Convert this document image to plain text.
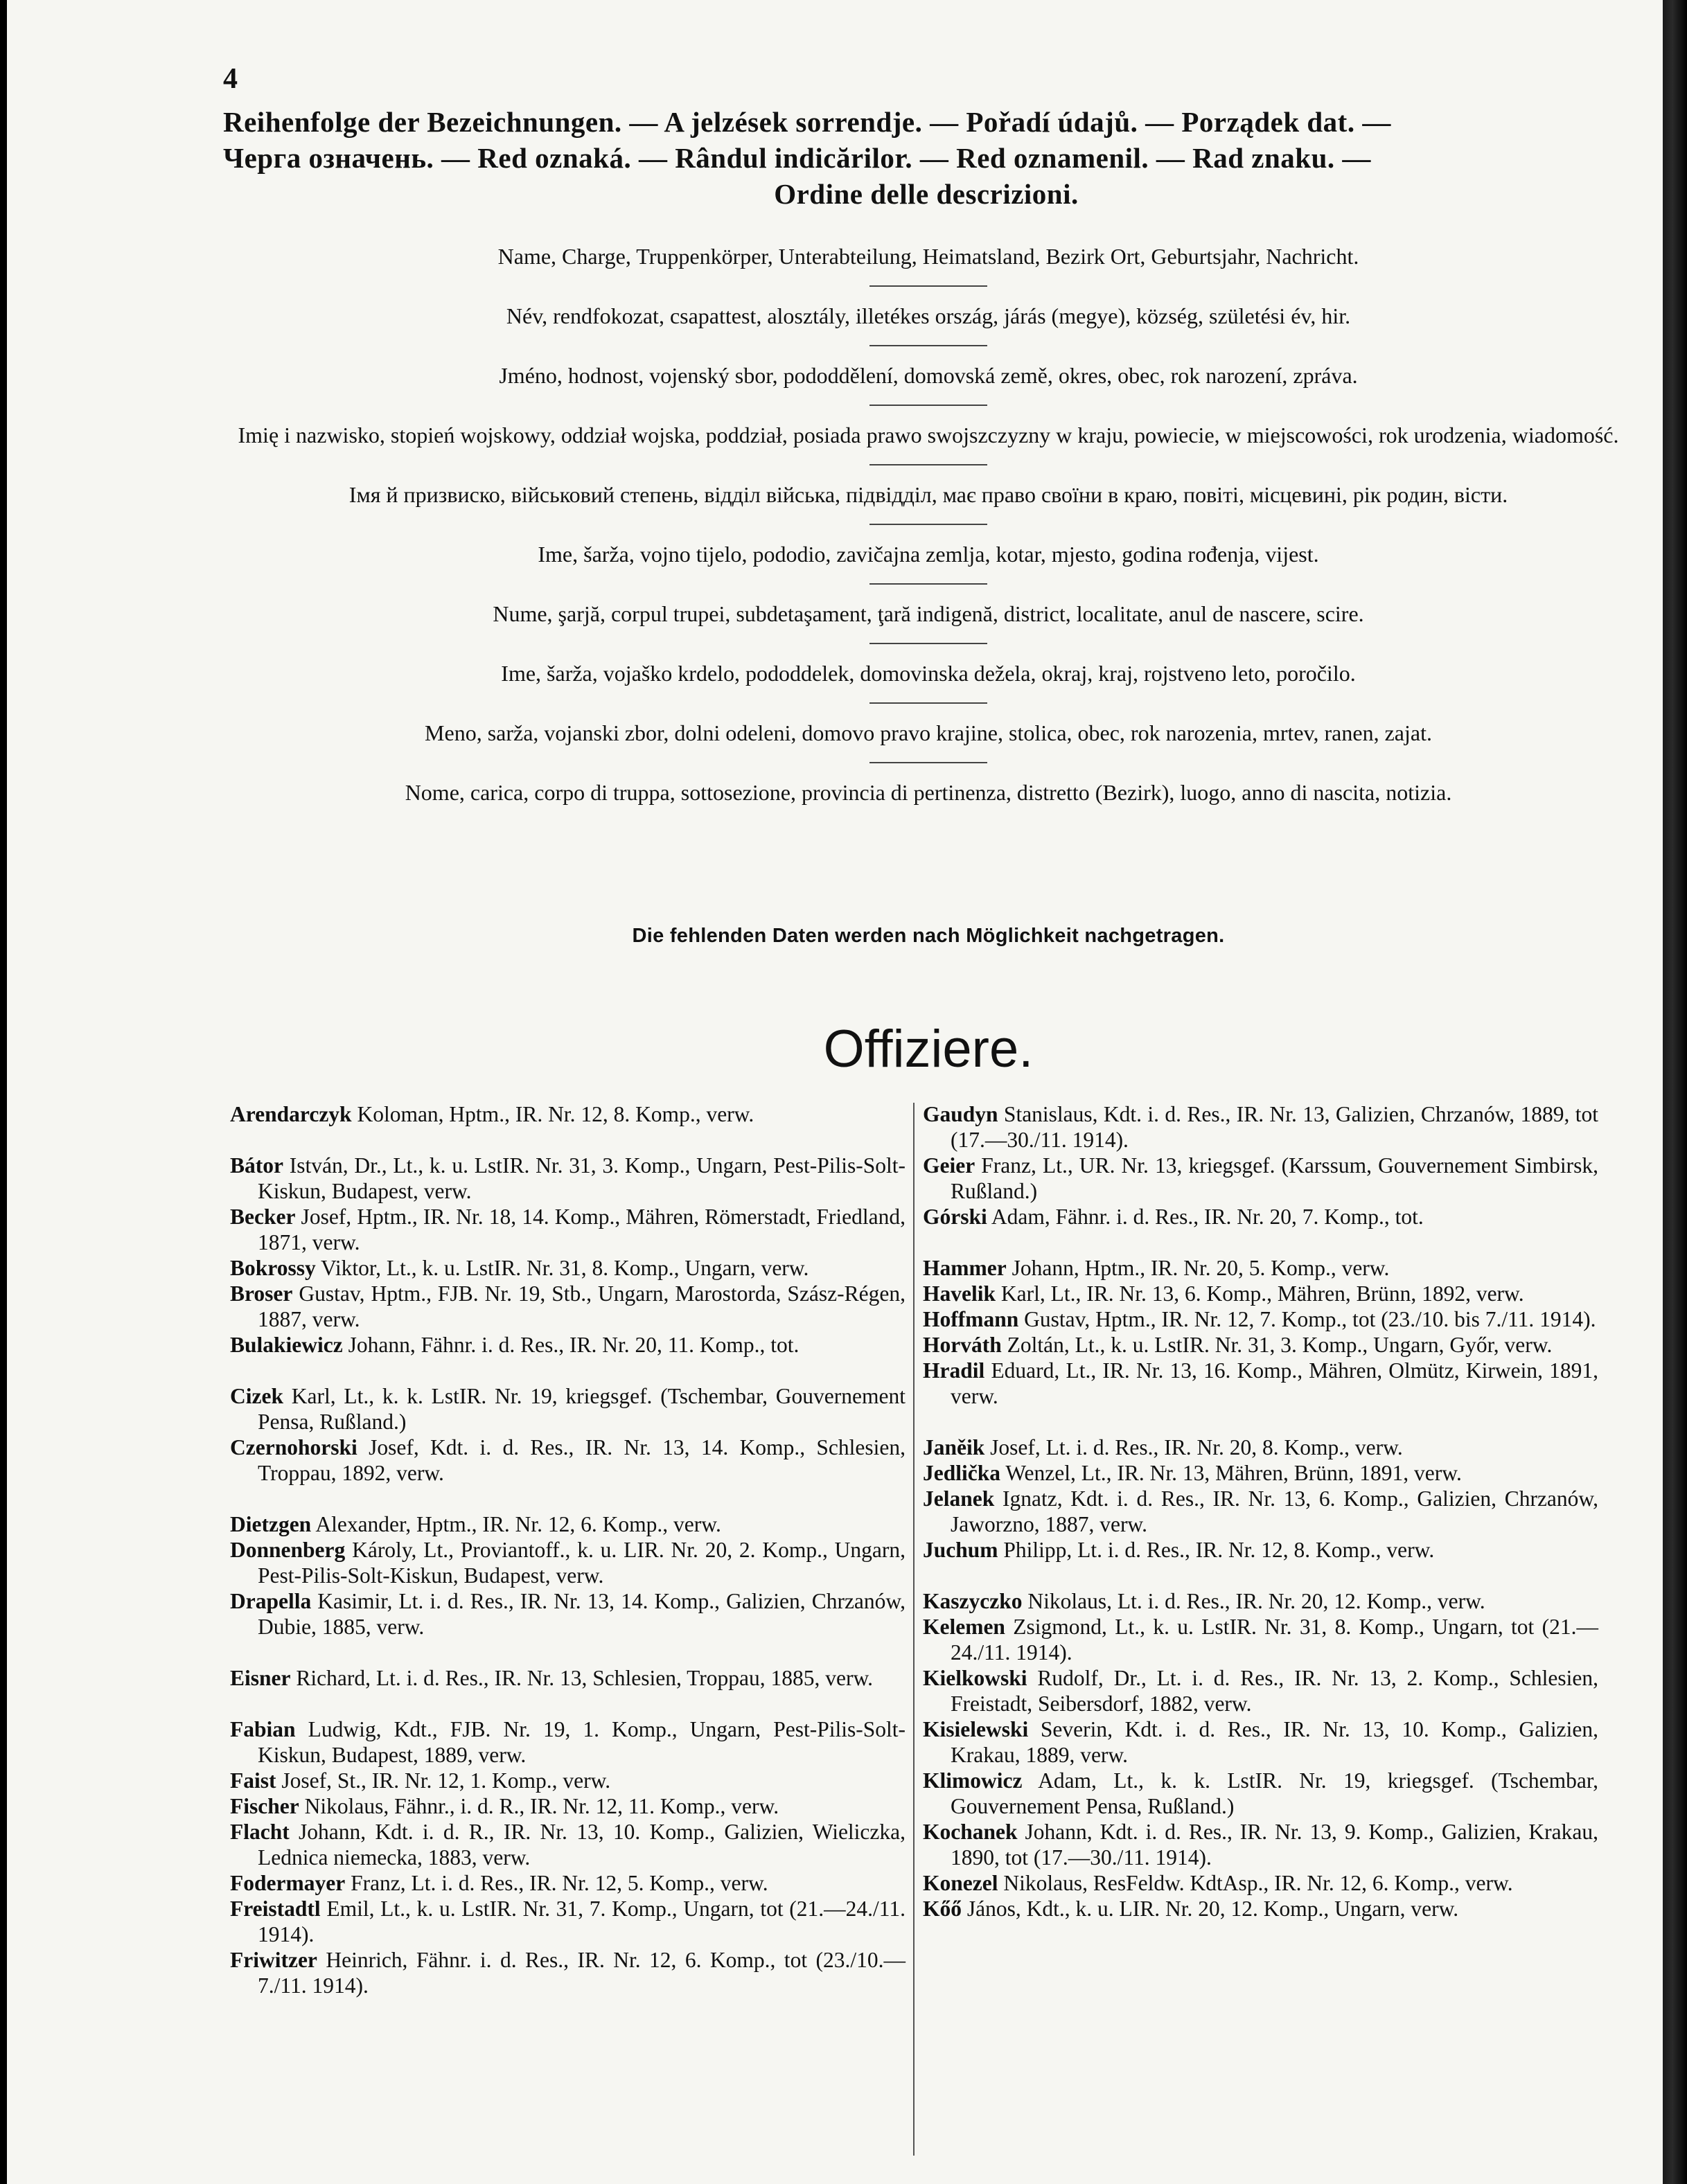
4
Reihenfolge der Bezeichnungen. — A jelzések sorrendje. — Pořadí údajů. — Porządek dat. —
Черга означень. — Red oznaká. — Rândul indicărilor. — Red oznamenil. — Rad znaku. —
Ordine delle descrizioni.

Name, Charge, Truppenkörper, Unterabteilung, Heimatsland, Bezirk Ort, Geburtsjahr, Nachricht.

Név, rendfokozat, csapattest, alosztály, illetékes ország, járás (megye), község, születési év, hir.

Jméno, hodnost, vojenský sbor, pododdělení, domovská země, okres, obec, rok narození, zpráva.

Imię i nazwisko, stopień wojskowy, oddział wojska, poddział, posiada prawo swojszczyzny w kraju, powiecie, w miejscowości, rok urodzenia, wiadomość.

Імя й призвиско, військовий степень, відділ війська, підвідділ, має право своїни в краю, повіті, місцевині, рік родин, вісти.

Ime, šarža, vojno tijelo, pododio, zavičajna zemlja, kotar, mjesto, godina rođenja, vijest.

Nume, şarjă, corpul trupei, subdetaşament, ţară indigenă, district, localitate, anul de nascere, scire.

Ime, šarža, vojaško krdelo, pododdelek, domovinska dežela, okraj, kraj, rojstveno leto, poročilo.

Meno, sarža, vojanski zbor, dolni odeleni, domovo pravo krajine, stolica, obec, rok narozenia, mrtev, ranen, zajat.

Nome, carica, corpo di truppa, sottosezione, provincia di pertinenza, distretto (Bezirk), luogo, anno di nascita, notizia.

Die fehlenden Daten werden nach Möglichkeit nachgetragen.
Offiziere.

Arendarczyk Koloman, Hptm., IR. Nr. 12, 8. Komp., verw.

Bátor István, Dr., Lt., k. u. LstIR. Nr. 31, 3. Komp., Ungarn, Pest-Pilis-Solt-Kiskun, Budapest, verw.

Becker Josef, Hptm., IR. Nr. 18, 14. Komp., Mähren, Römerstadt, Friedland, 1871, verw.

Bokrossy Viktor, Lt., k. u. LstIR. Nr. 31, 8. Komp., Ungarn, verw.

Broser Gustav, Hptm., FJB. Nr. 19, Stb., Ungarn, Marostorda, Szász-Régen, 1887, verw.

Bulakiewicz Johann, Fähnr. i. d. Res., IR. Nr. 20, 11. Komp., tot.

Cizek Karl, Lt., k. k. LstIR. Nr. 19, kriegsgef. (Tschembar, Gouvernement Pensa, Rußland.)

Czernohorski Josef, Kdt. i. d. Res., IR. Nr. 13, 14. Komp., Schlesien, Troppau, 1892, verw.

Dietzgen Alexander, Hptm., IR. Nr. 12, 6. Komp., verw.

Donnenberg Károly, Lt., Proviantoff., k. u. LIR. Nr. 20, 2. Komp., Ungarn, Pest-Pilis-Solt-Kiskun, Budapest, verw.

Drapella Kasimir, Lt. i. d. Res., IR. Nr. 13, 14. Komp., Galizien, Chrzanów, Dubie, 1885, verw.

Eisner Richard, Lt. i. d. Res., IR. Nr. 13, Schlesien, Troppau, 1885, verw.

Fabian Ludwig, Kdt., FJB. Nr. 19, 1. Komp., Ungarn, Pest-Pilis-Solt-Kiskun, Budapest, 1889, verw.

Faist Josef, St., IR. Nr. 12, 1. Komp., verw.

Fischer Nikolaus, Fähnr., i. d. R., IR. Nr. 12, 11. Komp., verw.

Flacht Johann, Kdt. i. d. R., IR. Nr. 13, 10. Komp., Galizien, Wieliczka, Lednica niemecka, 1883, verw.

Fodermayer Franz, Lt. i. d. Res., IR. Nr. 12, 5. Komp., verw.

Freistadtl Emil, Lt., k. u. LstIR. Nr. 31, 7. Komp., Ungarn, tot (21.—24./11. 1914).

Friwitzer Heinrich, Fähnr. i. d. Res., IR. Nr. 12, 6. Komp., tot (23./10.—7./11. 1914).

Gaudyn Stanislaus, Kdt. i. d. Res., IR. Nr. 13, Galizien, Chrzanów, 1889, tot (17.—30./11. 1914).

Geier Franz, Lt., UR. Nr. 13, kriegsgef. (Karssum, Gouvernement Simbirsk, Rußland.)

Górski Adam, Fähnr. i. d. Res., IR. Nr. 20, 7. Komp., tot.

Hammer Johann, Hptm., IR. Nr. 20, 5. Komp., verw.

Havelik Karl, Lt., IR. Nr. 13, 6. Komp., Mähren, Brünn, 1892, verw.

Hoffmann Gustav, Hptm., IR. Nr. 12, 7. Komp., tot (23./10. bis 7./11. 1914).

Horváth Zoltán, Lt., k. u. LstIR. Nr. 31, 3. Komp., Ungarn, Győr, verw.

Hradil Eduard, Lt., IR. Nr. 13, 16. Komp., Mähren, Olmütz, Kirwein, 1891, verw.

Janěik Josef, Lt. i. d. Res., IR. Nr. 20, 8. Komp., verw.

Jedlička Wenzel, Lt., IR. Nr. 13, Mähren, Brünn, 1891, verw.

Jelanek Ignatz, Kdt. i. d. Res., IR. Nr. 13, 6. Komp., Galizien, Chrzanów, Jaworzno, 1887, verw.

Juchum Philipp, Lt. i. d. Res., IR. Nr. 12, 8. Komp., verw.

Kaszyczko Nikolaus, Lt. i. d. Res., IR. Nr. 20, 12. Komp., verw.

Kelemen Zsigmond, Lt., k. u. LstIR. Nr. 31, 8. Komp., Ungarn, tot (21.—24./11. 1914).

Kielkowski Rudolf, Dr., Lt. i. d. Res., IR. Nr. 13, 2. Komp., Schlesien, Freistadt, Seibersdorf, 1882, verw.

Kisielewski Severin, Kdt. i. d. Res., IR. Nr. 13, 10. Komp., Galizien, Krakau, 1889, verw.

Klimowicz Adam, Lt., k. k. LstIR. Nr. 19, kriegsgef. (Tschembar, Gouvernement Pensa, Rußland.)

Kochanek Johann, Kdt. i. d. Res., IR. Nr. 13, 9. Komp., Galizien, Krakau, 1890, tot (17.—30./11. 1914).

Konezel Nikolaus, ResFeldw. KdtAsp., IR. Nr. 12, 6. Komp., verw.

Kőő János, Kdt., k. u. LIR. Nr. 20, 12. Komp., Ungarn, verw.
